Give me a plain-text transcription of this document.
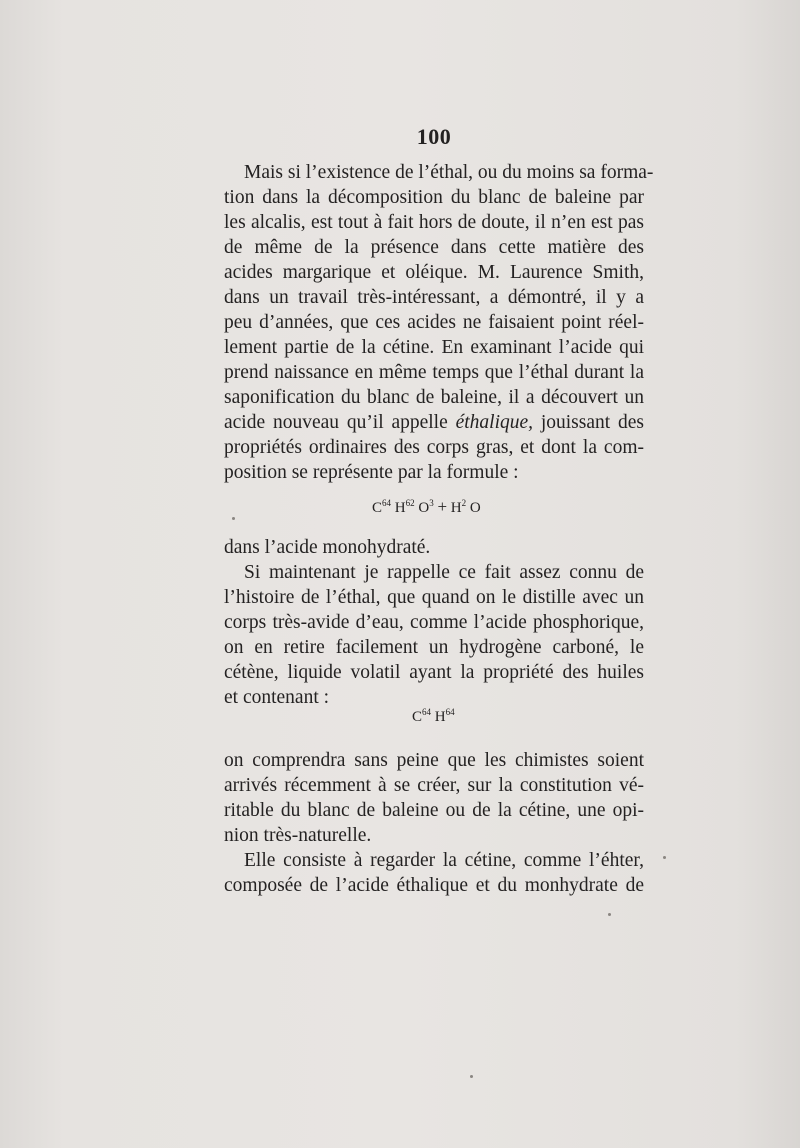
100
Mais si l’existence de l’éthal, ou du moins sa forma-
tion dans la décomposition du blanc de baleine par
les alcalis, est tout à fait hors de doute, il n’en est pas
de même de la présence dans cette matière des
acides margarique et oléique. M. Laurence Smith,
dans un travail très-intéressant, a démontré, il y a
peu d’années, que ces acides ne faisaient point réel-
lement partie de la cétine. En examinant l’acide qui
prend naissance en même temps que l’éthal durant la
saponification du blanc de baleine, il a découvert un
acide nouveau qu’il appelle éthalique, jouissant des
propriétés ordinaires des corps gras, et dont la com-
position se représente par la formule :
$C^{64}$ $H^{62}$ $O^3 + H^2$ O
dans l’acide monohydraté.
Si maintenant je rappelle ce fait assez connu de
l’histoire de l’éthal, que quand on le distille avec un
corps très-avide d’eau, comme l’acide phosphorique,
on en retire facilement un hydrogène carboné, le
cétène, liquide volatil ayant la propriété des huiles
et contenant :
$C^{64}$ $H^{64}$
on comprendra sans peine que les chimistes soient
arrivés récemment à se créer, sur la constitution vé-
ritable du blanc de baleine ou de la cétine, une opi-
nion très-naturelle.
Elle consiste à regarder la cétine, comme l’éhter,
composée de l’acide éthalique et du monhydrate de
